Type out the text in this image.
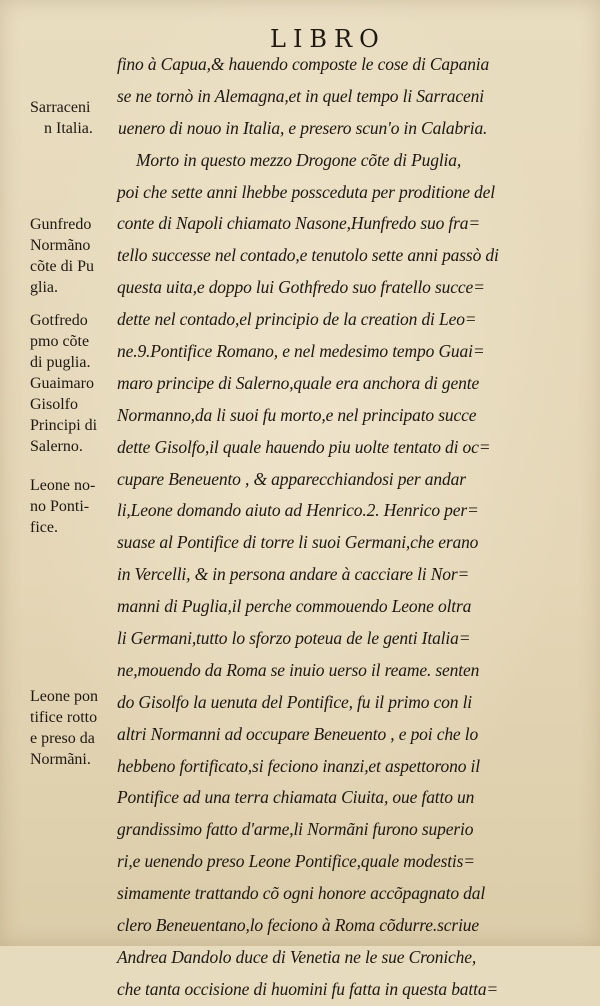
LIBRO
fino à Capua,& hauendo composte le cose di Capania
se ne tornò in Alemagna,et in quel tempo li Sarraceni
uenero di nouo in Italia, e presero scun'o in Calabria.
Morto in questo mezzo Drogone cõte di Puglia,
poi che sette anni lhebbe possceduta per proditione del
conte di Napoli chiamato Nasone,Hunfredo suo fra=
tello successe nel contado,e tenutolo sette anni passò di
questa uita,e doppo lui Gothfredo suo fratello succe=
dette nel contado,el principio de la creation di Leo=
ne.9.Pontifice Romano, e nel medesimo tempo Guai=
maro principe di Salerno,quale era anchora di gente
Normanno,da li suoi fu morto,e nel principato succe
dette Gisolfo,il quale hauendo piu uolte tentato di oc=
cupare Beneuento , & apparecchiandosi per andar
li,Leone domando aiuto ad Henrico.2. Henrico per=
suase al Pontifice di torre li suoi Germani,che erano
in Vercelli, & in persona andare à cacciare li Nor=
manni di Puglia,il perche commouendo Leone oltra
li Germani,tutto lo sforzo poteua de le genti Italia=
ne,mouendo da Roma se inuio uerso il reame. senten
do Gisolfo la uenuta del Pontifice, fu il primo con li
altri Normanni ad occupare Beneuento , e poi che lo
hebbeno fortificato,si feciono inanzi,et aspettorono il
Pontifice ad una terra chiamata Ciuita, oue fatto un
grandissimo fatto d'arme,li Normãni furono superio
ri,e uenendo preso Leone Pontifice,quale modestis=
simamente trattando cõ ogni honore accõpagnato dal
clero Beneuentano,lo feciono à Roma cõdurre.scriue
Andrea Dandolo duce di Venetia ne le sue Croniche,
che tanta occisione di huomini fu fatta in questa batta=
Sarraceni
n Italia.
Gunfredo
Normãno
cõte di Pu
glia.
Gotfredo
pmo cõte
di puglia.
Guaimaro
Gisolfo
Principi di
Salerno.
Leone no-
no Ponti-
fice.
Leone pon
tifice rotto
e preso da
Normãni.
